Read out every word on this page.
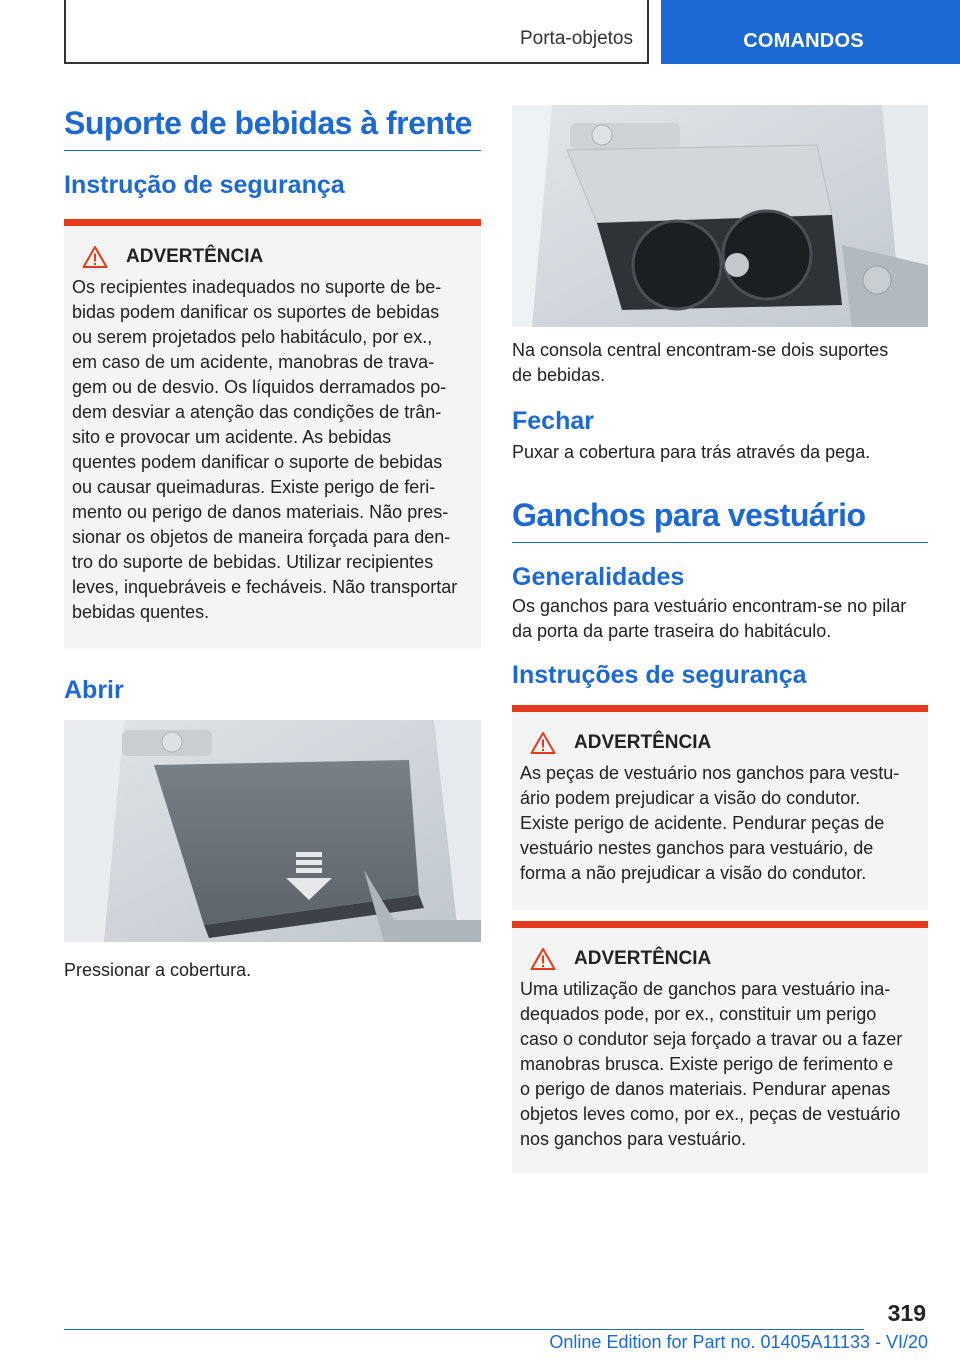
Porta-objetos	COMANDOS
Suporte de bebidas à frente
Instrução de segurança
ADVERTÊNCIA

Os recipientes inadequados no suporte de be-
bidas podem danificar os suportes de bebidas
ou serem projetados pelo habitáculo, por ex.,
em caso de um acidente, manobras de trava-
gem ou de desvio. Os líquidos derramados po-
dem desviar a atenção das condições de trân-
sito e provocar um acidente. As bebidas
quentes podem danificar o suporte de bebidas
ou causar queimaduras. Existe perigo de feri-
mento ou perigo de danos materiais. Não pres-
sionar os objetos de maneira forçada para den-
tro do suporte de bebidas. Utilizar recipientes
leves, inquebráveis e fecháveis. Não transportar
bebidas quentes.

Abrir

Pressionar a cobertura.

Na consola central encontram-se dois suportes
de bebidas.

Fechar

Puxar a cobertura para trás através da pega.

Ganchos para vestuário
Generalidades

Os ganchos para vestuário encontram-se no pilar
da porta da parte traseira do habitáculo.

Instruções de segurança
ADVERTÊNCIA

As peças de vestuário nos ganchos para vestu-
ário podem prejudicar a visão do condutor.
Existe perigo de acidente. Pendurar peças de
vestuário nestes ganchos para vestuário, de
forma a não prejudicar a visão do condutor.

ADVERTÊNCIA

Uma utilização de ganchos para vestuário ina-
dequados pode, por ex., constituir um perigo
caso o condutor seja forçado a travar ou a fazer
manobras brusca. Existe perigo de ferimento e
o perigo de danos materiais. Pendurar apenas
objetos leves como, por ex., peças de vestuário
nos ganchos para vestuário.

319
Online Edition for Part no. 01405A11133 - VI/20
